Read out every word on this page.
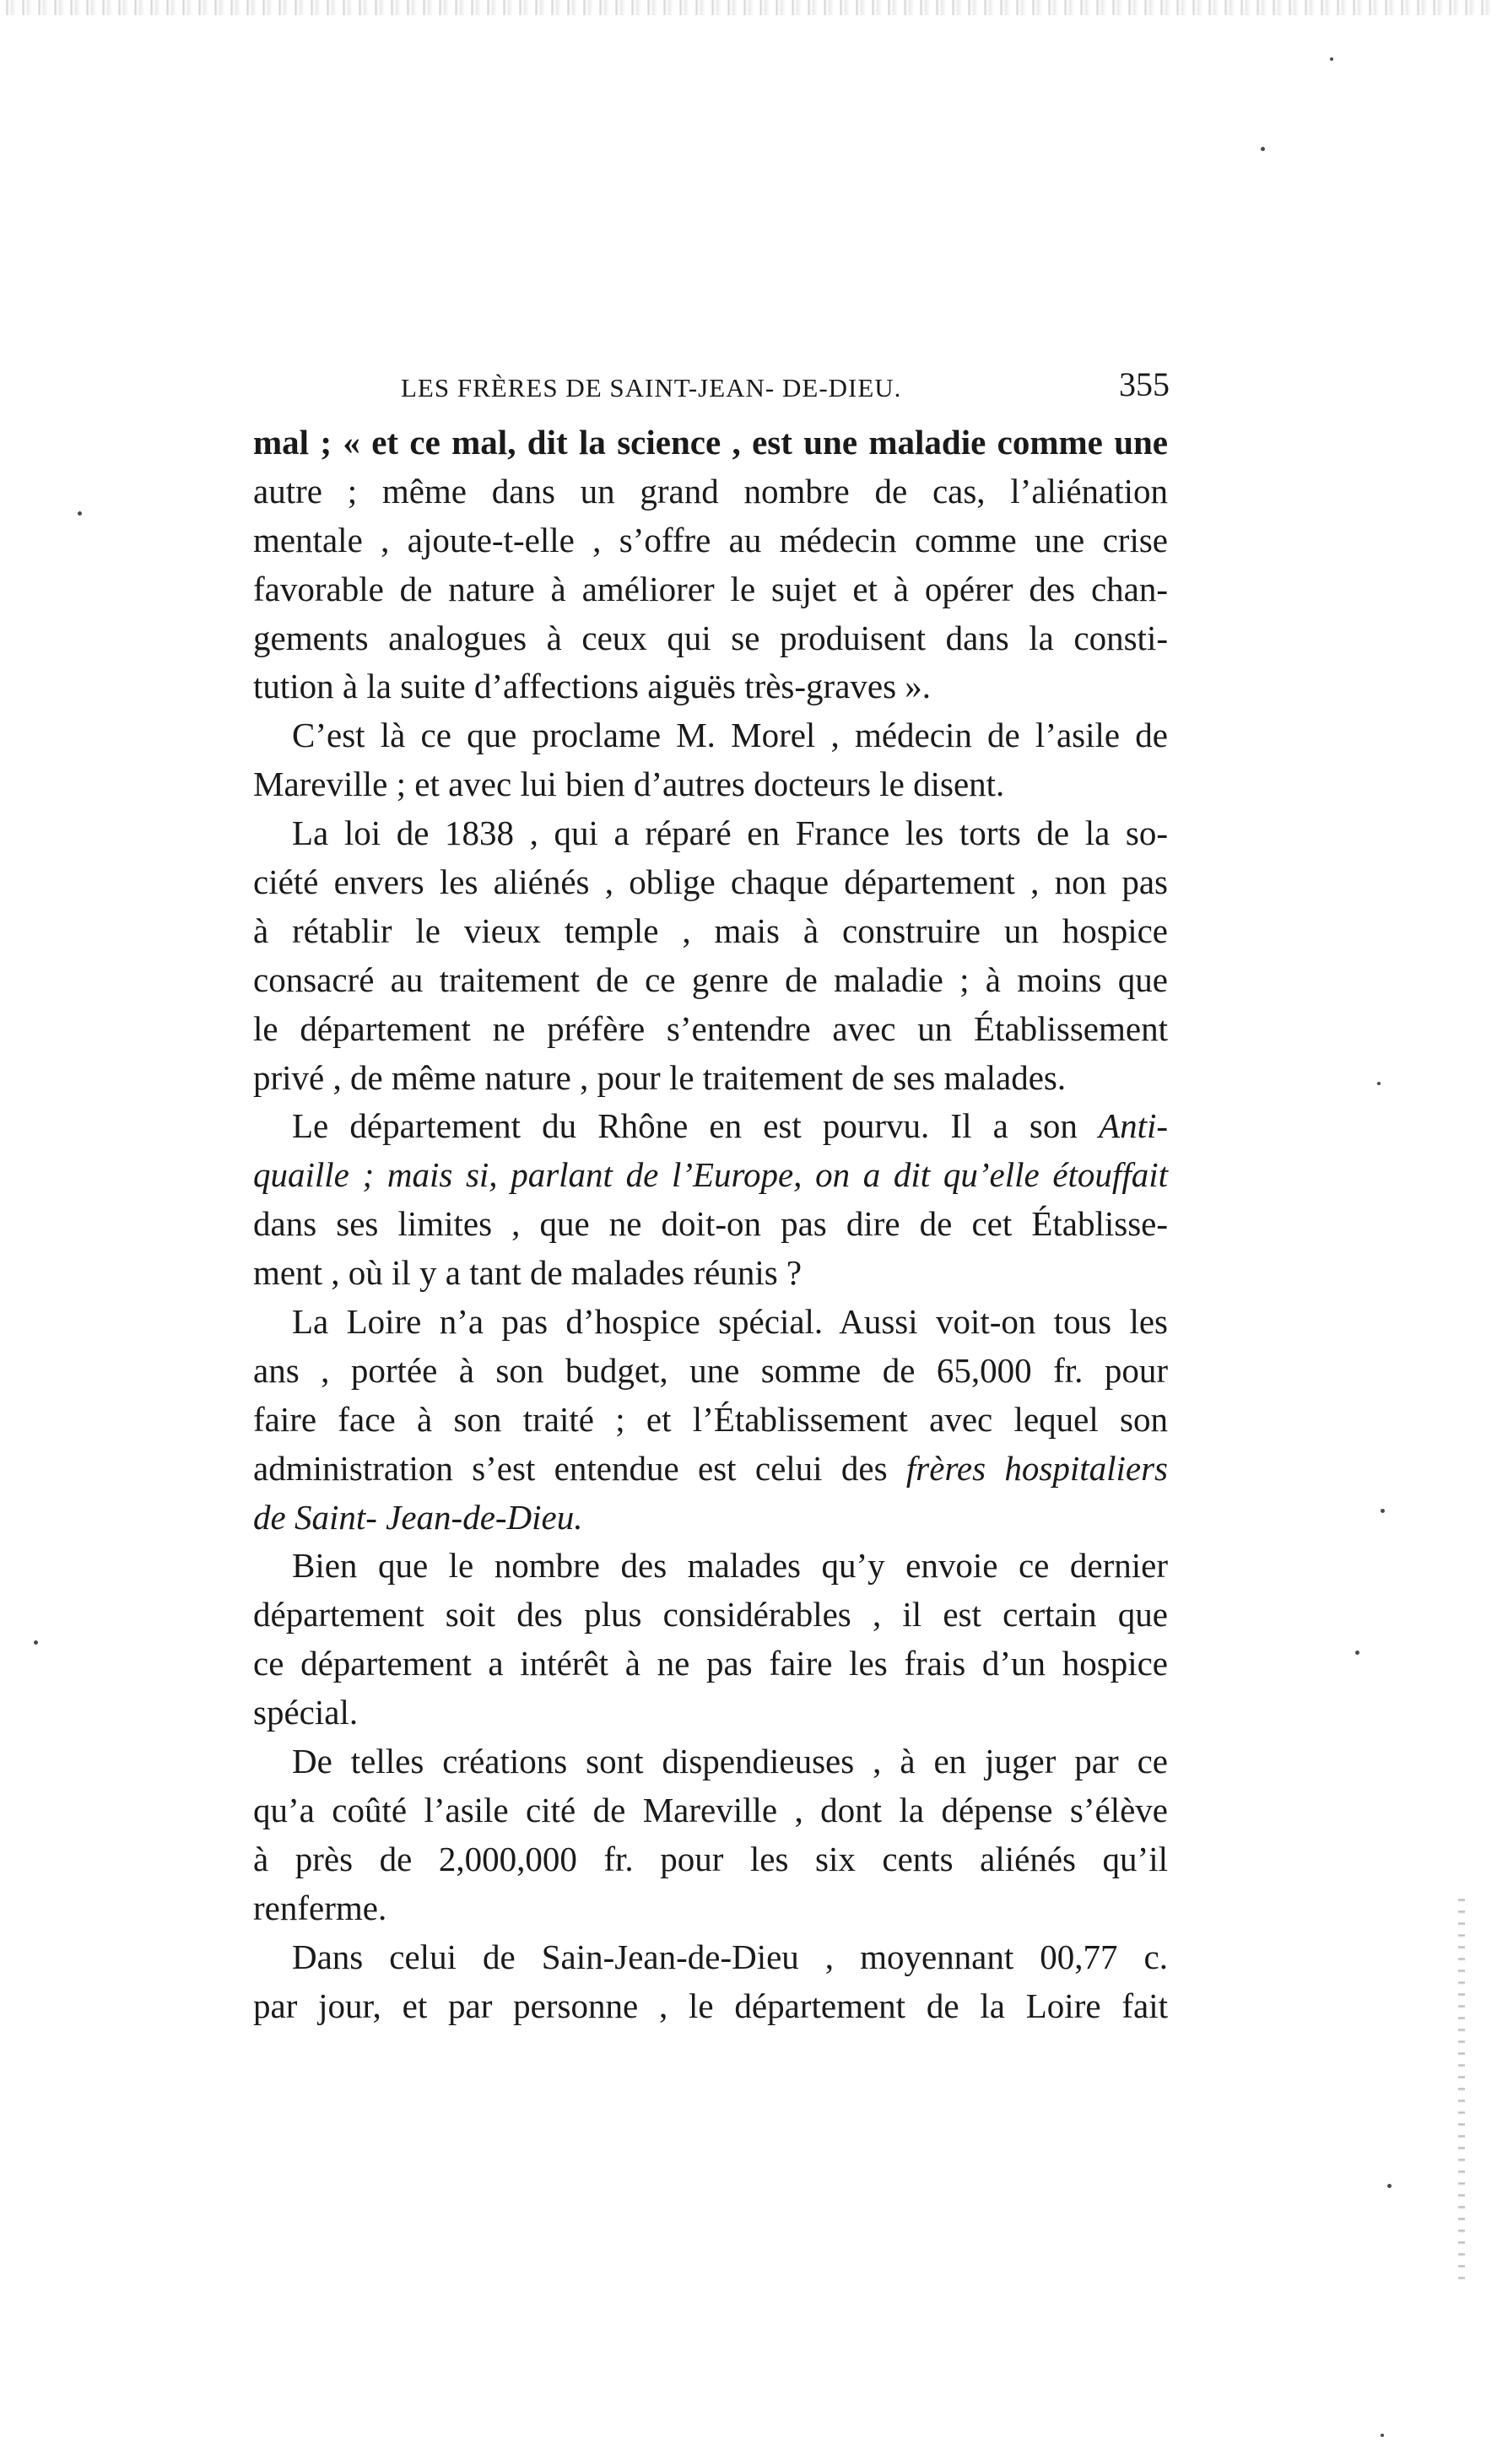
LES FRÈRES DE SAINT-JEAN- DE-DIEU.	355
mal ; « et ce mal, dit la science , est une maladie comme une
autre ; même dans un grand nombre de cas, l’aliénation
mentale , ajoute-t-elle , s’offre au médecin comme une crise
favorable de nature à améliorer le sujet et à opérer des chan-
gements analogues à ceux qui se produisent dans la consti-
tution à la suite d’affections aiguës très-graves ».
C’est là ce que proclame M. Morel , médecin de l’asile de
Mareville ; et avec lui bien d’autres docteurs le disent.
La loi de 1838 , qui a réparé en France les torts de la so-
ciété envers les aliénés , oblige chaque département , non pas
à rétablir le vieux temple , mais à construire un hospice
consacré au traitement de ce genre de maladie ; à moins que
le département ne préfère s’entendre avec un Établissement
privé , de même nature , pour le traitement de ses malades.
Le département du Rhône en est pourvu. Il a son Anti-
quaille ; mais si, parlant de l’Europe, on a dit qu’elle étouffait
dans ses limites , que ne doit-on pas dire de cet Établisse-
ment , où il y a tant de malades réunis ?
La Loire n’a pas d’hospice spécial. Aussi voit-on tous les
ans , portée à son budget, une somme de 65,000 fr. pour
faire face à son traité ; et l’Établissement avec lequel son
administration s’est entendue est celui des frères hospitaliers
de Saint- Jean-de-Dieu.
Bien que le nombre des malades qu’y envoie ce dernier
département soit des plus considérables , il est certain que
ce département a intérêt à ne pas faire les frais d’un hospice
spécial.
De telles créations sont dispendieuses , à en juger par ce
qu’a coûté l’asile cité de Mareville , dont la dépense s’élève
à près de 2,000,000 fr. pour les six cents aliénés qu’il
renferme.
Dans celui de Sain-Jean-de-Dieu , moyennant 00,77 c.
par jour, et par personne , le département de la Loire fait
